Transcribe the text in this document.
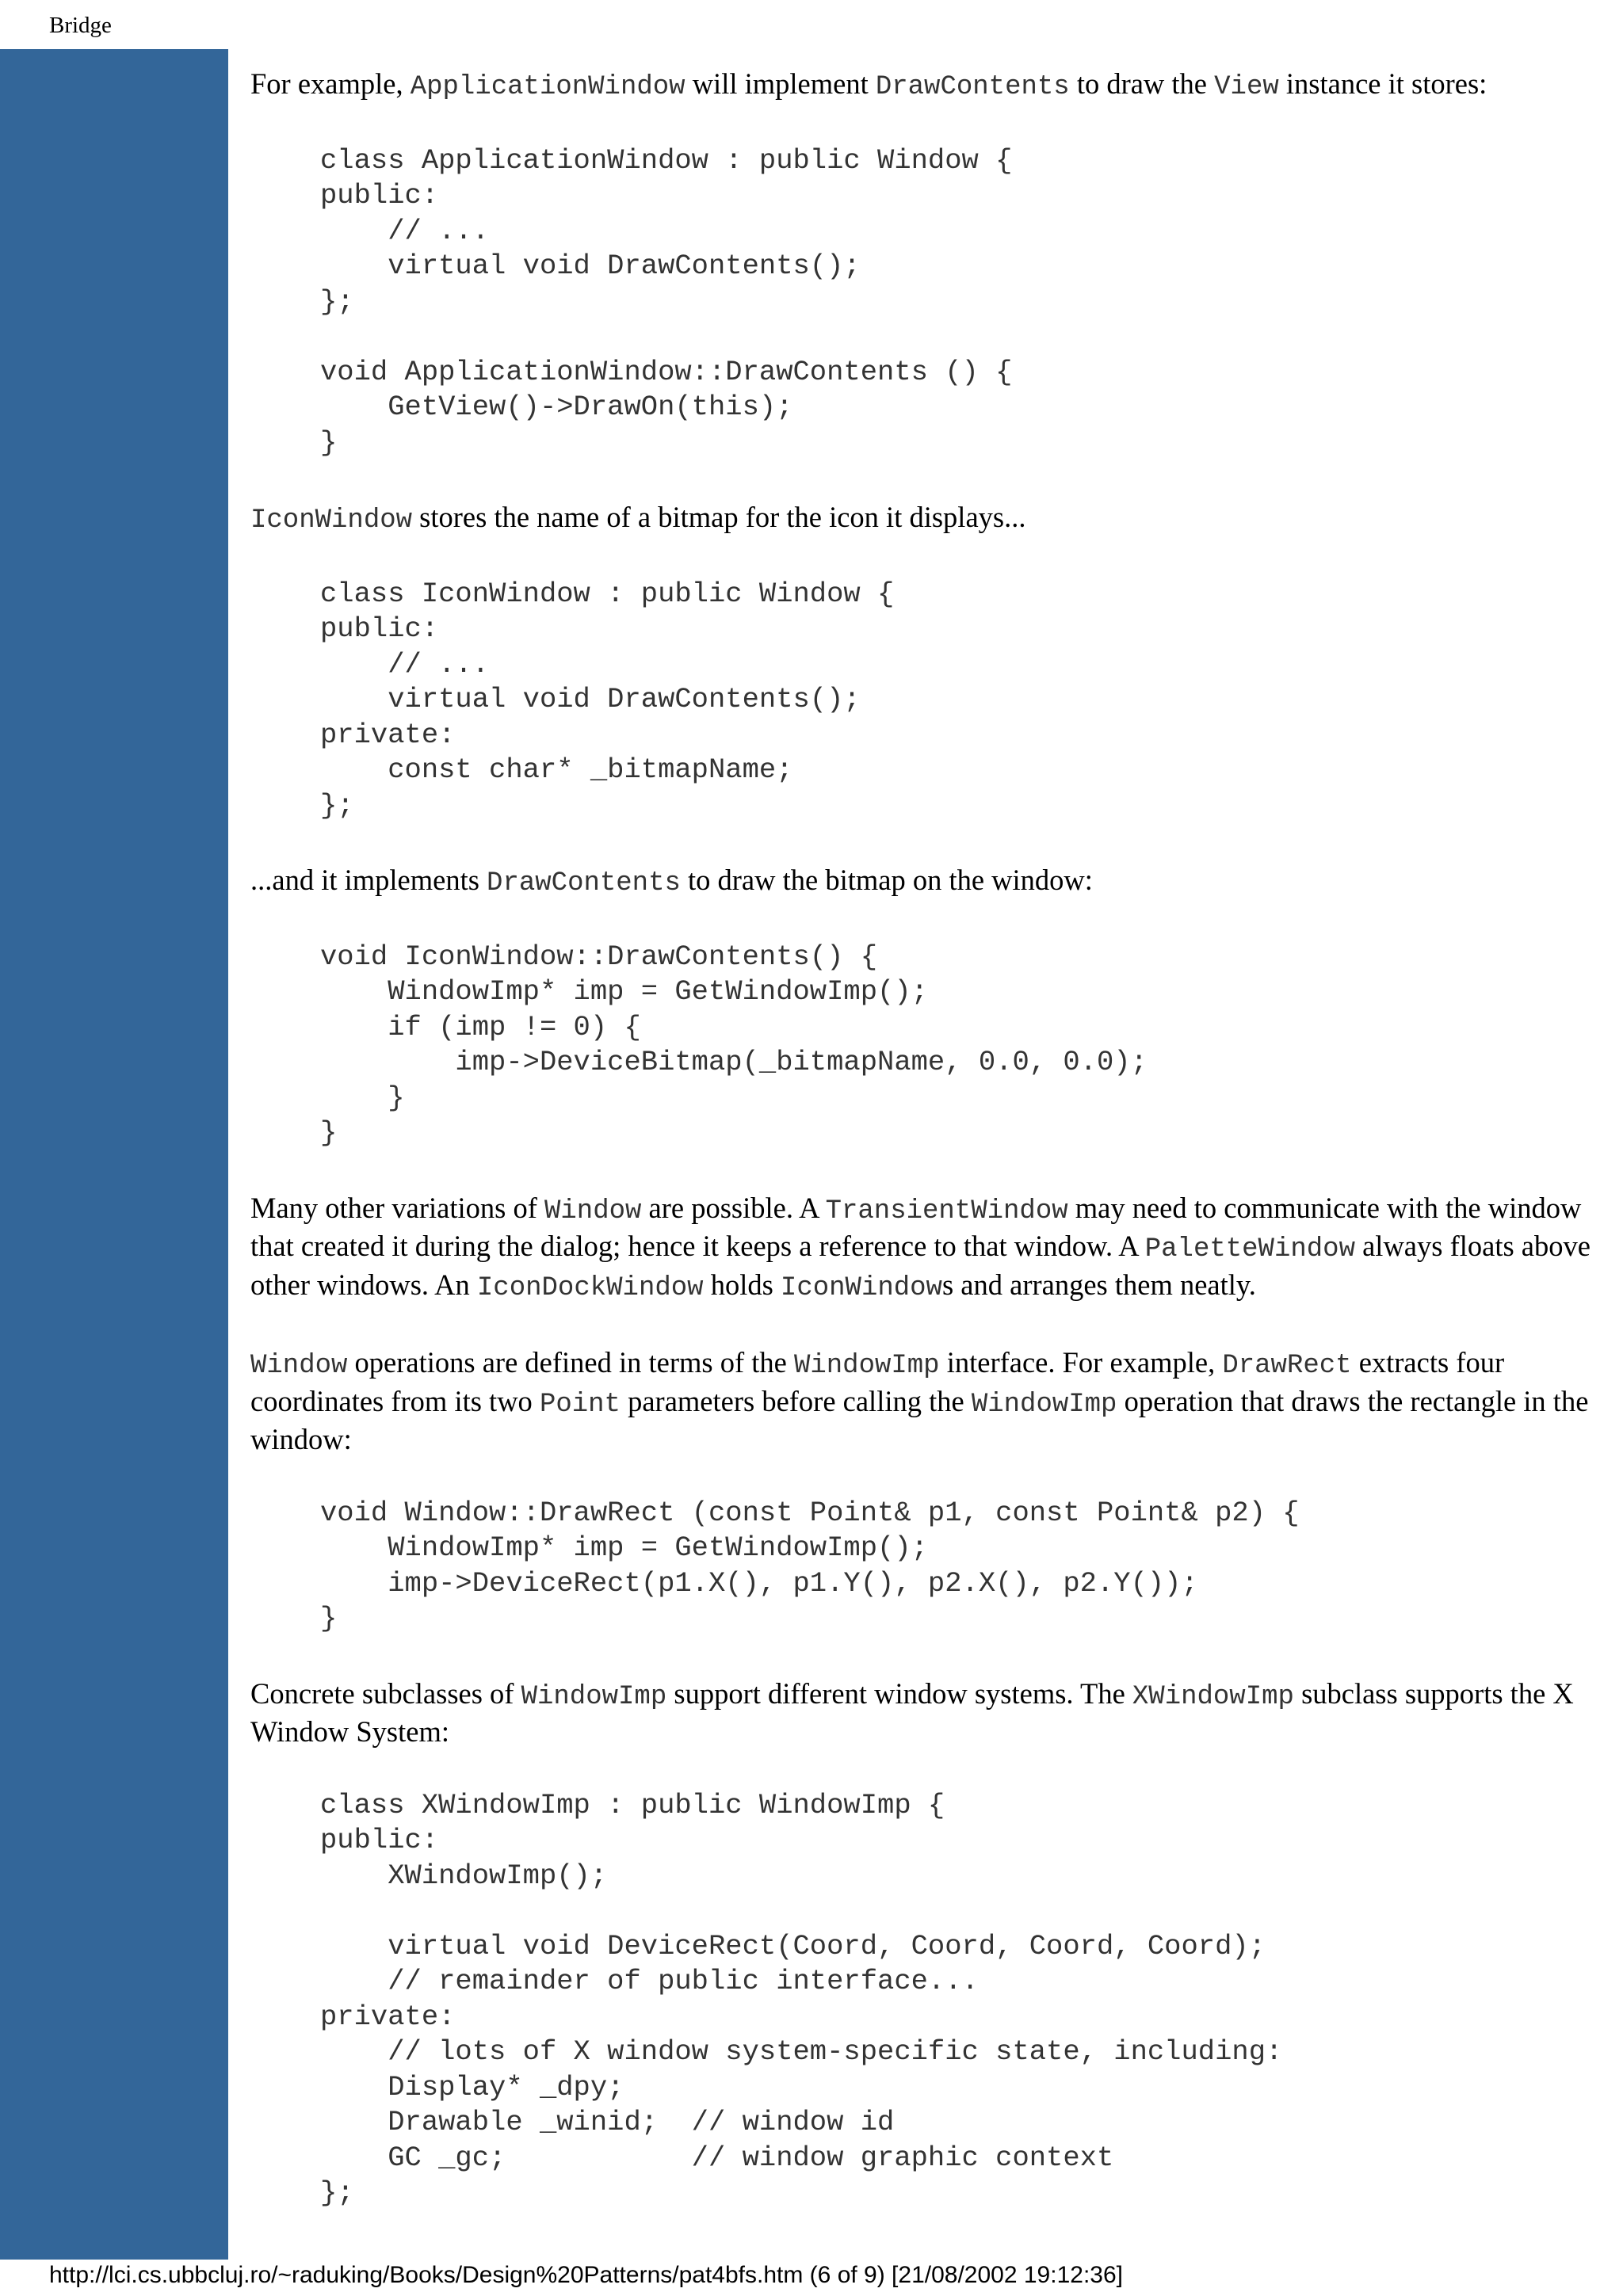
Bridge

For example, ApplicationWindow will implement DrawContents to draw the View instance it stores:

class ApplicationWindow : public Window {
public:
// ...
virtual void DrawContents();
};

void ApplicationWindow::DrawContents () {
GetView()->DrawOn(this);
}

IconWindow stores the name of a bitmap for the icon it displays...

class IconWindow : public Window {
public:
// ...
virtual void DrawContents();
private:
const char* _bitmapName;
};

...and it implements DrawContents to draw the bitmap on the window:

void IconWindow::DrawContents() {
WindowImp* imp = GetWindowImp();
if (imp != 0) {
imp->DeviceBitmap(_bitmapName, 0.0, 0.0);
}
}

Many other variations of Window are possible. A TransientWindow may need to communicate with the window that created it during the dialog; hence it keeps a reference to that window. A PaletteWindow always floats above other windows. An IconDockWindow holds IconWindows and arranges them neatly.

Window operations are defined in terms of the WindowImp interface. For example, DrawRect extracts four coordinates from its two Point parameters before calling the WindowImp operation that draws the rectangle in the window:

void Window::DrawRect (const Point& p1, const Point& p2) {
WindowImp* imp = GetWindowImp();
imp->DeviceRect(p1.X(), p1.Y(), p2.X(), p2.Y());
}

Concrete subclasses of WindowImp support different window systems. The XWindowImp subclass supports the X Window System:

class XWindowImp : public WindowImp {
public:
XWindowImp();

virtual void DeviceRect(Coord, Coord, Coord, Coord);
// remainder of public interface...
private:
// lots of X window system-specific state, including:
Display* _dpy;
Drawable _winid;  // window id
GC _gc;           // window graphic context
};
http://lci.cs.ubbcluj.ro/~raduking/Books/Design%20Patterns/pat4bfs.htm (6 of 9) [21/08/2002 19:12:36]
